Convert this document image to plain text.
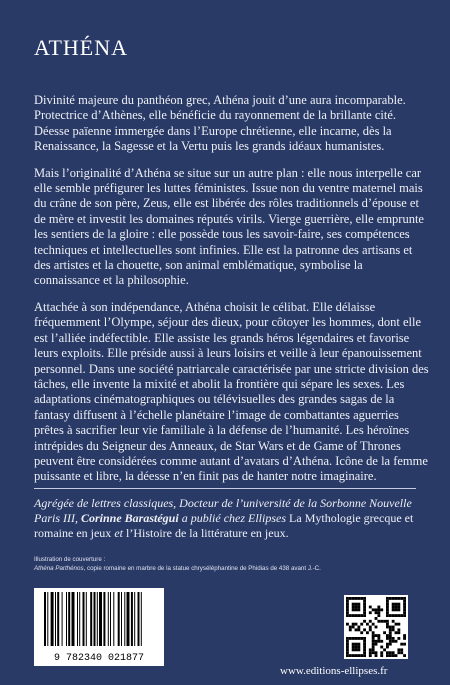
ATHÉNA

Divinité majeure du panthéon grec, Athéna jouit d’une aura incomparable. Protectrice d’Athènes, elle bénéficie du rayonnement de la brillante cité. Déesse païenne immergée dans l’Europe chrétienne, elle incarne, dès la Renaissance, la Sagesse et la Vertu puis les grands idéaux humanistes.

Mais l’originalité d’Athéna se situe sur un autre plan : elle nous interpelle car elle semble préfigurer les luttes féministes. Issue non du ventre maternel mais du crâne de son père, Zeus, elle est libérée des rôles traditionnels d’épouse et de mère et investit les domaines réputés virils. Vierge guerrière, elle emprunte les sentiers de la gloire : elle possède tous les savoir-faire, ses compétences techniques et intellectuelles sont infinies. Elle est la patronne des artisans et des artistes et la chouette, son animal emblématique, symbolise la connaissance et la philosophie.

Attachée à son indépendance, Athéna choisit le célibat. Elle délaisse fréquemment l’Olympe, séjour des dieux, pour côtoyer les hommes, dont elle est l’alliée indéfectible. Elle assiste les grands héros légendaires et favorise leurs exploits. Elle préside aussi à leurs loisirs et veille à leur épanouissement personnel. Dans une société patriarcale caractérisée par une stricte division des tâches, elle invente la mixité et abolit la frontière qui sépare les sexes. Les adaptations cinématographiques ou télévisuelles des grandes sagas de la fantasy diffusent à l’échelle planétaire l’image de combattantes aguerries prêtes à sacrifier leur vie familiale à la défense de l’humanité. Les héroïnes intrépides du Seigneur des Anneaux, de Star Wars et de Game of Thrones peuvent être considérées comme autant d’avatars d’Athéna. Icône de la femme puissante et libre, la déesse n’en finit pas de hanter notre imaginaire.

Agrégée de lettres classiques, Docteur de l’université de la Sorbonne Nouvelle Paris III, Corinne Barastégui a publié chez Ellipses La Mythologie grecque et romaine en jeux et l’Histoire de la littérature en jeux.
Illustration de couverture :
Athéna Parthénos, copie romaine en marbre de la statue chryséléphantine de Phidias de 438 avant J.-C.
9 782340 021877
www.editions-ellipses.fr
